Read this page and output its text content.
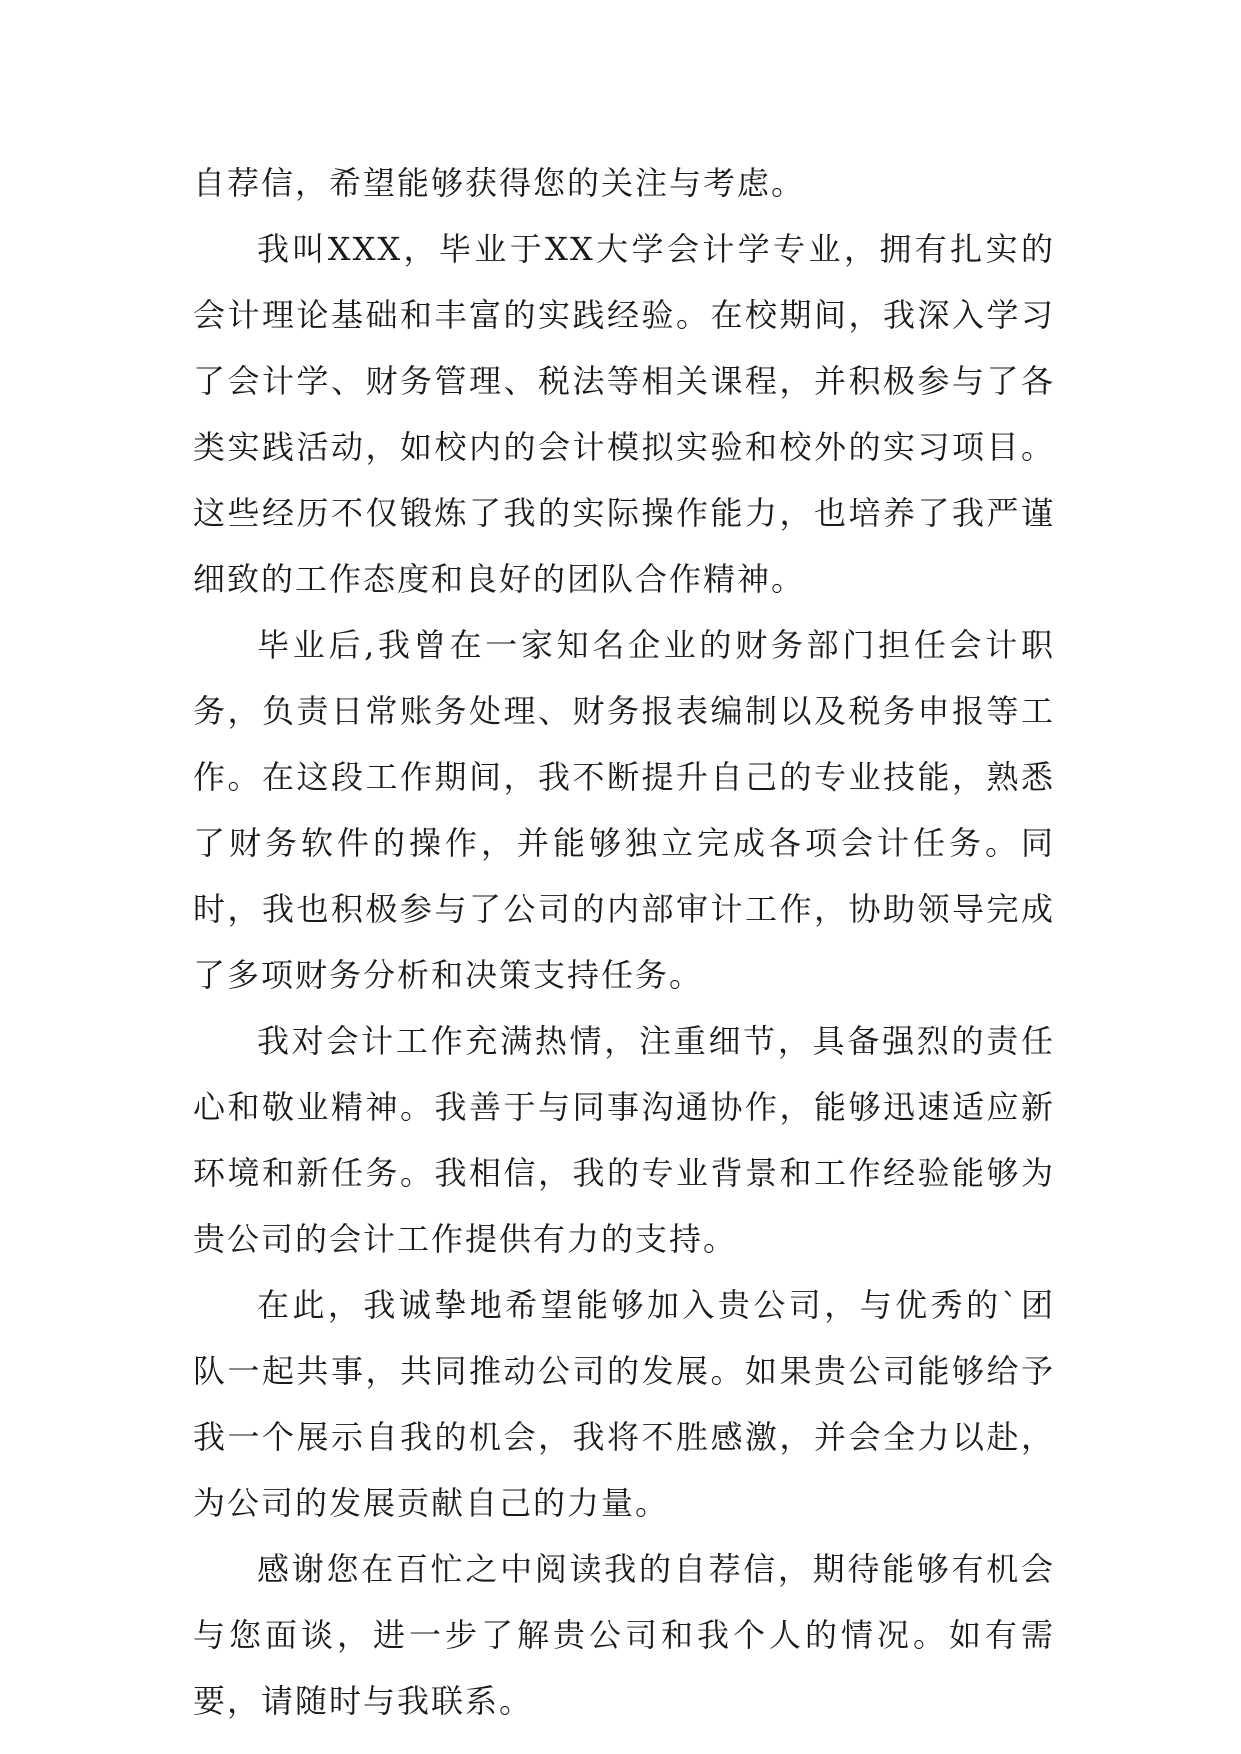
自荐信，希望能够获得您的关注与考虑。

我叫XXX，毕业于XX大学会计学专业，拥有扎实的会计理论基础和丰富的实践经验。在校期间，我深入学习了会计学、财务管理、税法等相关课程，并积极参与了各类实践活动，如校内的会计模拟实验和校外的实习项目。这些经历不仅锻炼了我的实际操作能力，也培养了我严谨细致的工作态度和良好的团队合作精神。

毕业后,我曾在一家知名企业的财务部门担任会计职务，负责日常账务处理、财务报表编制以及税务申报等工作。在这段工作期间，我不断提升自己的专业技能，熟悉了财务软件的操作，并能够独立完成各项会计任务。同时，我也积极参与了公司的内部审计工作，协助领导完成了多项财务分析和决策支持任务。

我对会计工作充满热情，注重细节，具备强烈的责任心和敬业精神。我善于与同事沟通协作，能够迅速适应新环境和新任务。我相信，我的专业背景和工作经验能够为贵公司的会计工作提供有力的支持。

在此，我诚挚地希望能够加入贵公司，与优秀的`团队一起共事，共同推动公司的发展。如果贵公司能够给予我一个展示自我的机会，我将不胜感激，并会全力以赴，为公司的发展贡献自己的力量。

感谢您在百忙之中阅读我的自荐信，期待能够有机会与您面谈，进一步了解贵公司和我个人的情况。如有需要，请随时与我联系。
